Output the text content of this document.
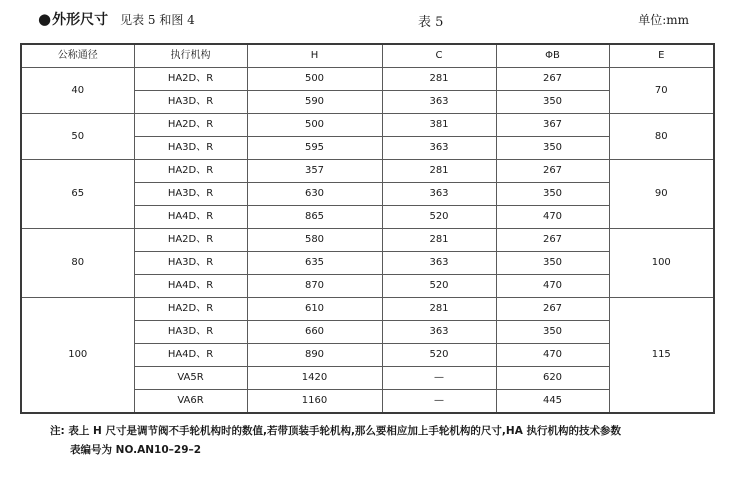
●外形尺寸 见表 5 和图 4	表 5	单位:mm
公称通径	执行机构	H	C	ΦB	E
40	HA2D、R	500	281	267	70
	HA3D、R	590	363	350	
50	HA2D、R	500	381	367	80
	HA3D、R	595	363	350	
65	HA2D、R	357	281	267	90
	HA3D、R	630	363	350	
	HA4D、R	865	520	470	
80	HA2D、R	580	281	267	100
	HA3D、R	635	363	350	
	HA4D、R	870	520	470	
100	HA2D、R	610	281	267	115
	HA3D、R	660	363	350	
	HA4D、R	890	520	470	
	VA5R	1420	—	620	
	VA6R	1160	—	445	
注: 表上 H 尺寸是调节阀不手轮机构时的数值,若带顶装手轮机构,那么要相应加上手轮机构的尺寸,HA 执行机构的技术参数
表编号为 NO.AN10–29–2
